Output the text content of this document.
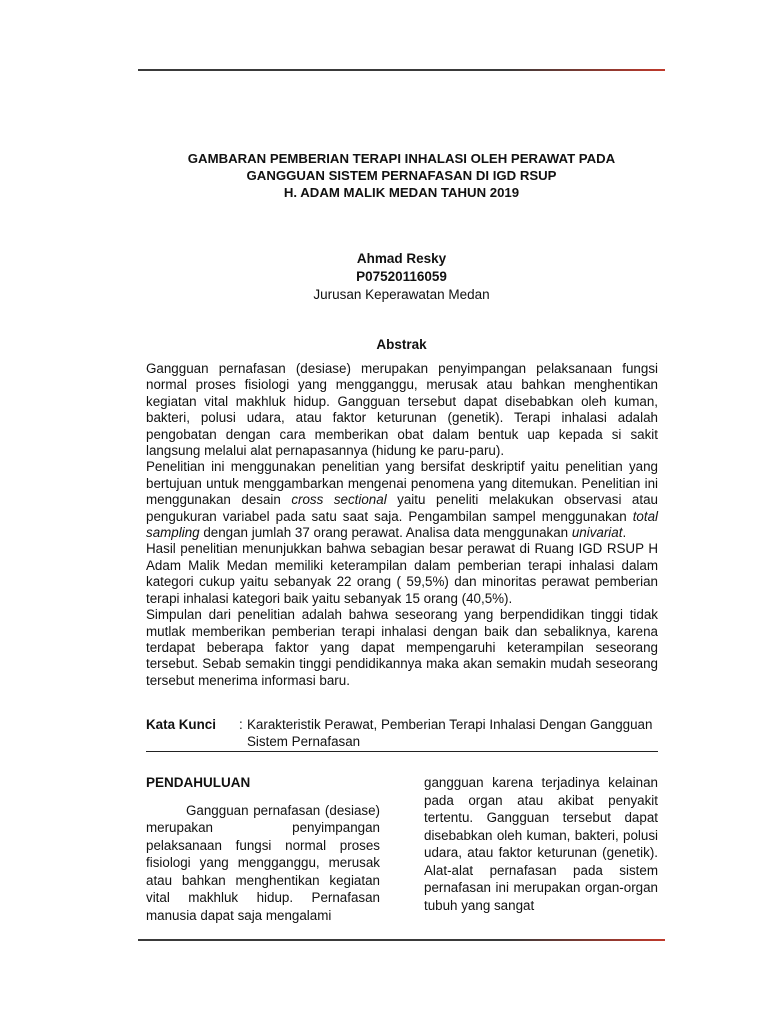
GAMBARAN PEMBERIAN TERAPI INHALASI OLEH PERAWAT PADA
GANGGUAN SISTEM PERNAFASAN DI IGD RSUP
H. ADAM MALIK MEDAN TAHUN 2019
Ahmad Resky
P07520116059
Jurusan Keperawatan Medan
Abstrak

Gangguan pernafasan (desiase) merupakan penyimpangan pelaksanaan fungsi normal proses fisiologi yang mengganggu, merusak atau bahkan menghentikan kegiatan vital makhluk hidup. Gangguan tersebut dapat disebabkan oleh kuman, bakteri, polusi udara, atau faktor keturunan (genetik). Terapi inhalasi adalah pengobatan dengan cara memberikan obat dalam bentuk uap kepada si sakit langsung melalui alat pernapasannya (hidung ke paru-paru).

Penelitian ini menggunakan penelitian yang bersifat deskriptif yaitu penelitian yang bertujuan untuk menggambarkan mengenai penomena yang ditemukan. Penelitian ini menggunakan desain cross sectional yaitu peneliti melakukan observasi atau pengukuran variabel pada satu saat saja. Pengambilan sampel menggunakan total sampling dengan jumlah 37 orang perawat. Analisa data menggunakan univariat.

Hasil penelitian menunjukkan bahwa sebagian besar perawat di Ruang IGD RSUP H Adam Malik Medan memiliki keterampilan dalam pemberian terapi inhalasi dalam kategori cukup yaitu sebanyak 22 orang ( 59,5%) dan minoritas perawat pemberian terapi inhalasi kategori baik yaitu sebanyak 15 orang (40,5%).

Simpulan dari penelitian adalah bahwa seseorang yang berpendidikan tinggi tidak mutlak memberikan pemberian terapi inhalasi dengan baik dan sebaliknya, karena terdapat beberapa faktor yang dapat mempengaruhi keterampilan seseorang tersebut. Sebab semakin tinggi pendidikannya maka akan semakin mudah seseorang tersebut menerima informasi baru.

Kata Kunci : Karakteristik Perawat, Pemberian Terapi Inhalasi Dengan Gangguan Sistem Pernafasan
PENDAHULUAN

Gangguan pernafasan (desiase) merupakan penyimpangan pelaksanaan fungsi normal proses fisiologi yang mengganggu, merusak atau bahkan menghentikan kegiatan vital makhluk hidup. Pernafasan manusia dapat saja mengalami

gangguan karena terjadinya kelainan pada organ atau akibat penyakit tertentu. Gangguan tersebut dapat disebabkan oleh kuman, bakteri, polusi udara, atau faktor keturunan (genetik). Alat-alat pernafasan pada sistem pernafasan ini merupakan organ-organ tubuh yang sangat
